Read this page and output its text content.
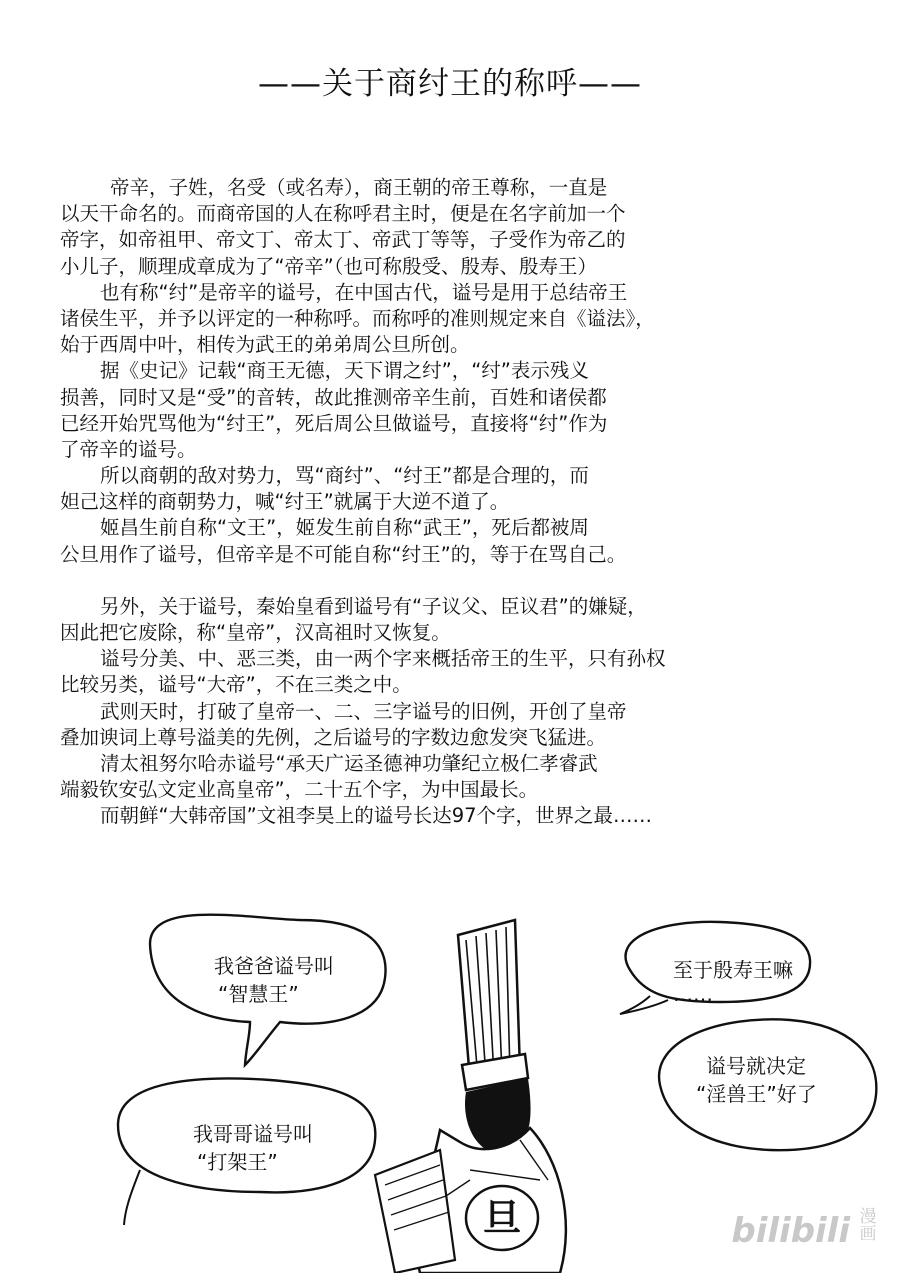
——关于商纣王的称呼——
帝辛，子姓，名受（或名寿），商王朝的帝王尊称，一直是
以天干命名的。而商帝国的人在称呼君主时，便是在名字前加一个
帝字，如帝祖甲、帝文丁、帝太丁、帝武丁等等，子受作为帝乙的
小儿子，顺理成章成为了“帝辛”（也可称殷受、殷寿、殷寿王）
也有称“纣”是帝辛的谥号，在中国古代，谥号是用于总结帝王
诸侯生平，并予以评定的一种称呼。而称呼的准则规定来自《谥法》，
始于西周中叶，相传为武王的弟弟周公旦所创。
据《史记》记载“商王无德，天下谓之纣”，“纣”表示残义
损善，同时又是“受”的音转，故此推测帝辛生前，百姓和诸侯都
已经开始咒骂他为“纣王”，死后周公旦做谥号，直接将“纣”作为
了帝辛的谥号。
所以商朝的敌对势力，骂“商纣”、“纣王”都是合理的，而
妲己这样的商朝势力，喊“纣王”就属于大逆不道了。
姬昌生前自称“文王”，姬发生前自称“武王”，死后都被周
公旦用作了谥号，但帝辛是不可能自称“纣王”的，等于在骂自己。
另外，关于谥号，秦始皇看到谥号有“子议父、臣议君”的嫌疑，
因此把它废除，称“皇帝”，汉高祖时又恢复。
谥号分美、中、恶三类，由一两个字来概括帝王的生平，只有孙权
比较另类，谥号“大帝”，不在三类之中。
武则天时，打破了皇帝一、二、三字谥号的旧例，开创了皇帝
叠加谀词上尊号溢美的先例，之后谥号的字数边愈发突飞猛进。
清太祖努尔哈赤谥号“承天广运圣德神功肇纪立极仁孝睿武
端毅钦安弘文定业高皇帝”，二十五个字，为中国最长。
而朝鲜“大韩帝国”文祖李昊上的谥号长达97个字，世界之最……
旦
我爸爸谥号叫
“智慧王”
我哥哥谥号叫
“打架王”
至于殷寿王嘛
……
谥号就决定
“淫兽王”好了
bilibili 漫画
